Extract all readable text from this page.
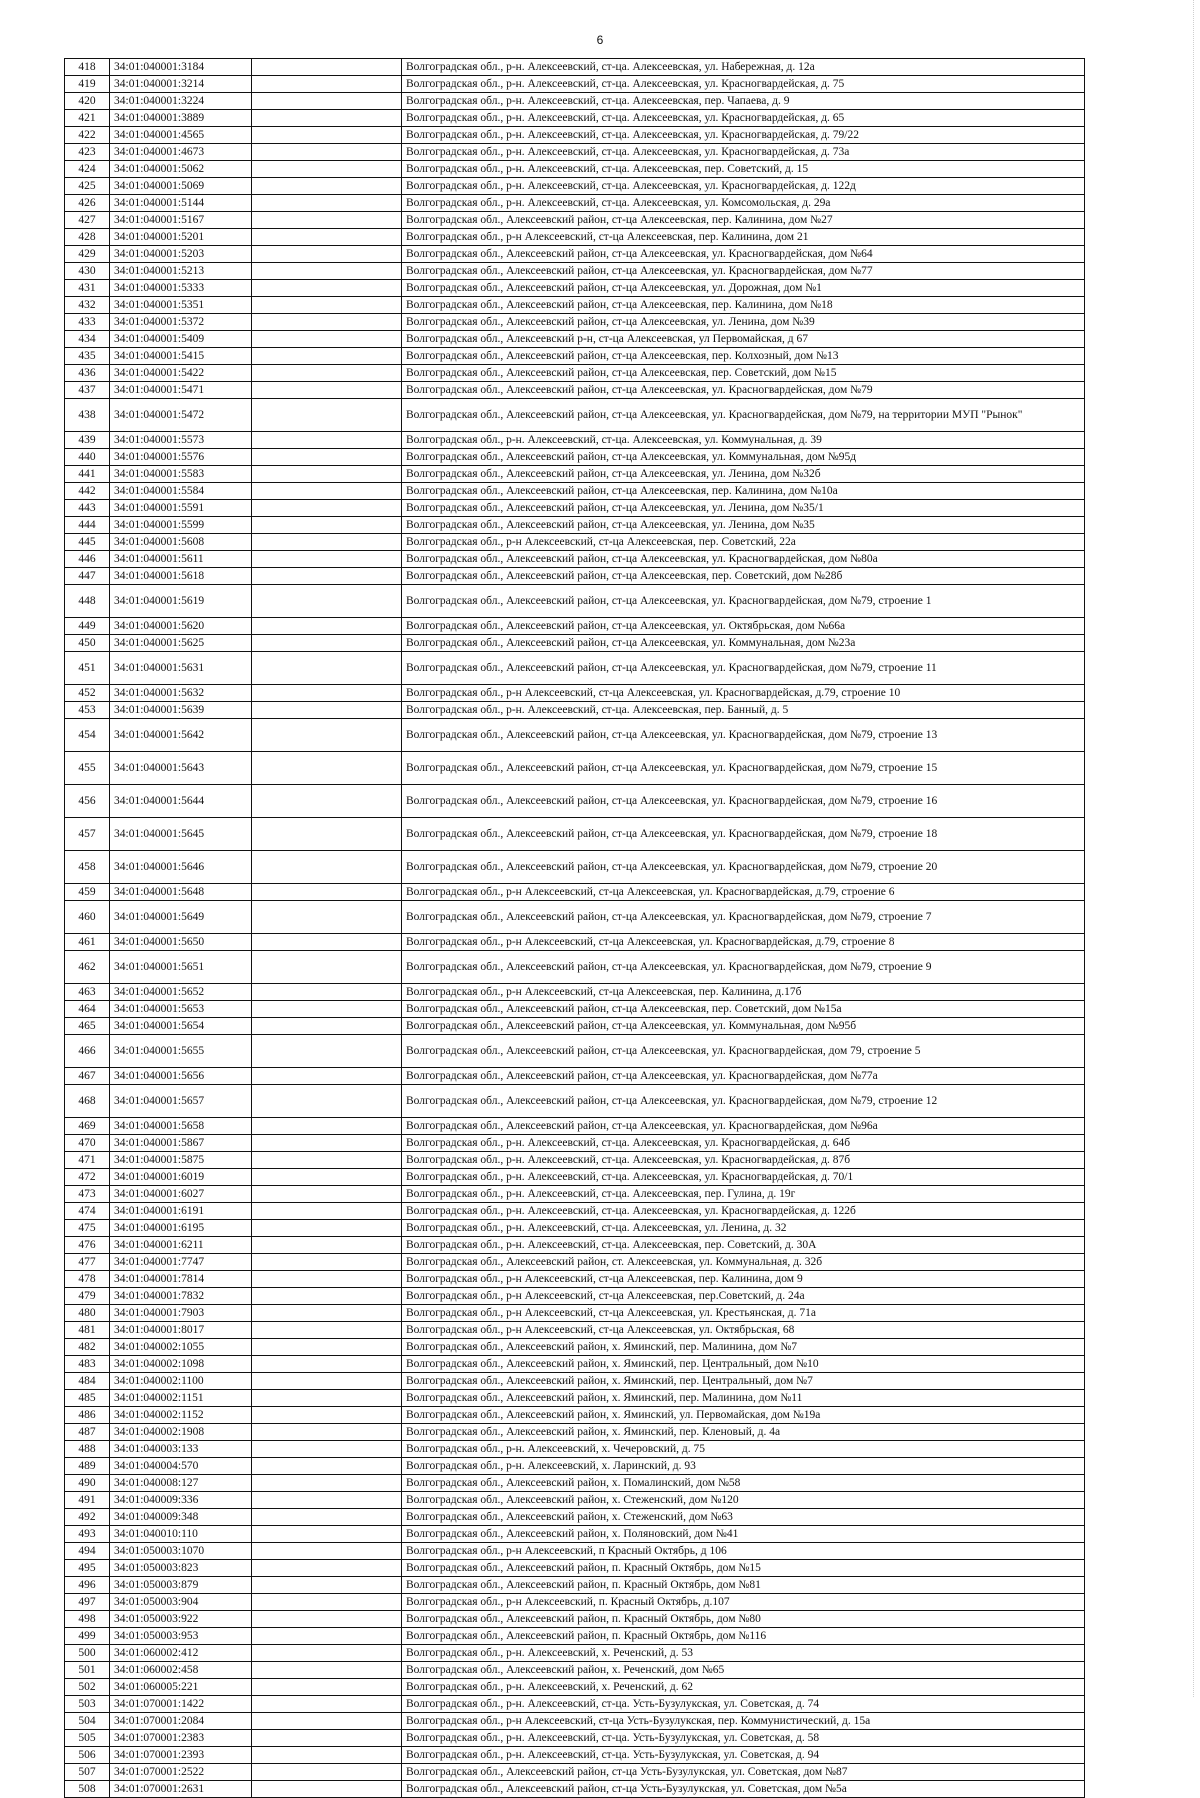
6
418	34:01:040001:3184		Волгоградская обл., р-н. Алексеевский, ст-ца. Алексеевская, ул. Набережная, д. 12а
419	34:01:040001:3214		Волгоградская обл., р-н. Алексеевский, ст-ца. Алексеевская, ул. Красногвардейская, д. 75
420	34:01:040001:3224		Волгоградская обл., р-н. Алексеевский, ст-ца. Алексеевская, пер. Чапаева, д. 9
421	34:01:040001:3889		Волгоградская обл., р-н. Алексеевский, ст-ца. Алексеевская, ул. Красногвардейская, д. 65
422	34:01:040001:4565		Волгоградская обл., р-н. Алексеевский, ст-ца. Алексеевская, ул. Красногвардейская, д. 79/22
423	34:01:040001:4673		Волгоградская обл., р-н. Алексеевский, ст-ца. Алексеевская, ул. Красногвардейская, д. 73а
424	34:01:040001:5062		Волгоградская обл., р-н. Алексеевский, ст-ца. Алексеевская, пер. Советский, д. 15
425	34:01:040001:5069		Волгоградская обл., р-н. Алексеевский, ст-ца. Алексеевская, ул. Красногвардейская, д. 122д
426	34:01:040001:5144		Волгоградская обл., р-н. Алексеевский, ст-ца. Алексеевская, ул. Комсомольская, д. 29а
427	34:01:040001:5167		Волгоградская обл., Алексеевский район, ст-ца Алексеевская, пер. Калинина, дом №27
428	34:01:040001:5201		Волгоградская обл., р-н Алексеевский, ст-ца Алексеевская, пер. Калинина, дом 21
429	34:01:040001:5203		Волгоградская обл., Алексеевский район, ст-ца Алексеевская, ул. Красногвардейская, дом №64
430	34:01:040001:5213		Волгоградская обл., Алексеевский район, ст-ца Алексеевская, ул. Красногвардейская, дом №77
431	34:01:040001:5333		Волгоградская обл., Алексеевский район, ст-ца Алексеевская, ул. Дорожная, дом №1
432	34:01:040001:5351		Волгоградская обл., Алексеевский район, ст-ца Алексеевская, пер. Калинина, дом №18
433	34:01:040001:5372		Волгоградская обл., Алексеевский район, ст-ца Алексеевская, ул. Ленина, дом №39
434	34:01:040001:5409		Волгоградская обл., Алексеевский р-н, ст-ца Алексеевская, ул Первомайская, д 67
435	34:01:040001:5415		Волгоградская обл., Алексеевский район, ст-ца Алексеевская, пер. Колхозный, дом №13
436	34:01:040001:5422		Волгоградская обл., Алексеевский район, ст-ца Алексеевская, пер. Советский, дом №15
437	34:01:040001:5471		Волгоградская обл., Алексеевский район, ст-ца Алексеевская, ул. Красногвардейская, дом №79
438	34:01:040001:5472		Волгоградская обл., Алексеевский район, ст-ца Алексеевская, ул. Красногвардейская, дом №79, на территории МУП "Рынок"
439	34:01:040001:5573		Волгоградская обл., р-н. Алексеевский, ст-ца. Алексеевская, ул. Коммунальная, д. 39
440	34:01:040001:5576		Волгоградская обл., Алексеевский район, ст-ца Алексеевская, ул. Коммунальная, дом №95д
441	34:01:040001:5583		Волгоградская обл., Алексеевский район, ст-ца Алексеевская, ул. Ленина, дом №32б
442	34:01:040001:5584		Волгоградская обл., Алексеевский район, ст-ца Алексеевская, пер. Калинина, дом №10а
443	34:01:040001:5591		Волгоградская обл., Алексеевский район, ст-ца Алексеевская, ул. Ленина, дом №35/1
444	34:01:040001:5599		Волгоградская обл., Алексеевский район, ст-ца Алексеевская, ул. Ленина, дом №35
445	34:01:040001:5608		Волгоградская обл., р-н Алексеевский, ст-ца Алексеевская, пер. Советский, 22а
446	34:01:040001:5611		Волгоградская обл., Алексеевский район, ст-ца Алексеевская, ул. Красногвардейская, дом №80а
447	34:01:040001:5618		Волгоградская обл., Алексеевский район, ст-ца Алексеевская, пер. Советский, дом №28б
448	34:01:040001:5619		Волгоградская обл., Алексеевский район, ст-ца Алексеевская, ул. Красногвардейская, дом №79, строение 1
449	34:01:040001:5620		Волгоградская обл., Алексеевский район, ст-ца Алексеевская, ул. Октябрьская, дом №66а
450	34:01:040001:5625		Волгоградская обл., Алексеевский район, ст-ца Алексеевская, ул. Коммунальная, дом №23а
451	34:01:040001:5631		Волгоградская обл., Алексеевский район, ст-ца Алексеевская, ул. Красногвардейская, дом №79, строение 11
452	34:01:040001:5632		Волгоградская обл., р-н Алексеевский, ст-ца Алексеевская, ул. Красногвардейская, д.79, строение 10
453	34:01:040001:5639		Волгоградская обл., р-н. Алексеевский, ст-ца. Алексеевская, пер. Банный, д. 5
454	34:01:040001:5642		Волгоградская обл., Алексеевский район, ст-ца Алексеевская, ул. Красногвардейская, дом №79, строение 13
455	34:01:040001:5643		Волгоградская обл., Алексеевский район, ст-ца Алексеевская, ул. Красногвардейская, дом №79, строение 15
456	34:01:040001:5644		Волгоградская обл., Алексеевский район, ст-ца Алексеевская, ул. Красногвардейская, дом №79, строение 16
457	34:01:040001:5645		Волгоградская обл., Алексеевский район, ст-ца Алексеевская, ул. Красногвардейская, дом №79, строение 18
458	34:01:040001:5646		Волгоградская обл., Алексеевский район, ст-ца Алексеевская, ул. Красногвардейская, дом №79, строение 20
459	34:01:040001:5648		Волгоградская обл., р-н Алексеевский, ст-ца Алексеевская, ул. Красногвардейская, д.79, строение 6
460	34:01:040001:5649		Волгоградская обл., Алексеевский район, ст-ца Алексеевская, ул. Красногвардейская, дом №79, строение 7
461	34:01:040001:5650		Волгоградская обл., р-н Алексеевский, ст-ца Алексеевская, ул. Красногвардейская, д.79, строение 8
462	34:01:040001:5651		Волгоградская обл., Алексеевский район, ст-ца Алексеевская, ул. Красногвардейская, дом №79, строение 9
463	34:01:040001:5652		Волгоградская обл., р-н Алексеевский, ст-ца Алексеевская, пер. Калинина, д.17б
464	34:01:040001:5653		Волгоградская обл., Алексеевский район, ст-ца Алексеевская, пер. Советский, дом №15а
465	34:01:040001:5654		Волгоградская обл., Алексеевский район, ст-ца Алексеевская, ул. Коммунальная, дом №95б
466	34:01:040001:5655		Волгоградская обл., Алексеевский район, ст-ца Алексеевская, ул. Красногвардейская, дом 79, строение 5
467	34:01:040001:5656		Волгоградская обл., Алексеевский район, ст-ца Алексеевская, ул. Красногвардейская, дом №77а
468	34:01:040001:5657		Волгоградская обл., Алексеевский район, ст-ца Алексеевская, ул. Красногвардейская, дом №79, строение 12
469	34:01:040001:5658		Волгоградская обл., Алексеевский район, ст-ца Алексеевская, ул. Красногвардейская, дом №96а
470	34:01:040001:5867		Волгоградская обл., р-н. Алексеевский, ст-ца. Алексеевская, ул. Красногвардейская, д. 64б
471	34:01:040001:5875		Волгоградская обл., р-н. Алексеевский, ст-ца. Алексеевская, ул. Красногвардейская, д. 87б
472	34:01:040001:6019		Волгоградская обл., р-н. Алексеевский, ст-ца. Алексеевская, ул. Красногвардейская, д. 70/1
473	34:01:040001:6027		Волгоградская обл., р-н. Алексеевский, ст-ца. Алексеевская, пер. Гулина, д. 19г
474	34:01:040001:6191		Волгоградская обл., р-н. Алексеевский, ст-ца. Алексеевская, ул. Красногвардейская, д. 122б
475	34:01:040001:6195		Волгоградская обл., р-н. Алексеевский, ст-ца. Алексеевская, ул. Ленина, д. 32
476	34:01:040001:6211		Волгоградская обл., р-н. Алексеевский, ст-ца. Алексеевская, пер. Советский, д. 30А
477	34:01:040001:7747		Волгоградская обл., Алексеевский район, ст. Алексеевская, ул. Коммунальная, д. 32б
478	34:01:040001:7814		Волгоградская обл., р-н Алексеевский, ст-ца Алексеевская, пер. Калинина, дом 9
479	34:01:040001:7832		Волгоградская обл., р-н Алексеевский, ст-ца Алексеевская, пер.Советский, д. 24а
480	34:01:040001:7903		Волгоградская обл., р-н Алексеевский, ст-ца Алексеевская, ул. Крестьянская, д. 71а
481	34:01:040001:8017		Волгоградская обл., р-н Алексеевский, ст-ца Алексеевская, ул. Октябрьская, 68
482	34:01:040002:1055		Волгоградская обл., Алексеевский район, х. Яминский, пер. Малинина, дом №7
483	34:01:040002:1098		Волгоградская обл., Алексеевский район, х. Яминский, пер. Центральный, дом №10
484	34:01:040002:1100		Волгоградская обл., Алексеевский район, х. Яминский, пер. Центральный, дом №7
485	34:01:040002:1151		Волгоградская обл., Алексеевский район, х. Яминский, пер. Малинина, дом №11
486	34:01:040002:1152		Волгоградская обл., Алексеевский район, х. Яминский, ул. Первомайская, дом №19а
487	34:01:040002:1908		Волгоградская обл., Алексеевский район, х. Яминский, пер. Кленовый, д. 4а
488	34:01:040003:133		Волгоградская обл., р-н. Алексеевский, х. Чечеровский, д. 75
489	34:01:040004:570		Волгоградская обл., р-н. Алексеевский, х. Ларинский, д. 93
490	34:01:040008:127		Волгоградская обл., Алексеевский район, х. Помалинский, дом №58
491	34:01:040009:336		Волгоградская обл., Алексеевский район, х. Стеженский, дом №120
492	34:01:040009:348		Волгоградская обл., Алексеевский район, х. Стеженский, дом №63
493	34:01:040010:110		Волгоградская обл., Алексеевский район, х. Поляновский, дом №41
494	34:01:050003:1070		Волгоградская обл., р-н Алексеевский, п Красный Октябрь, д 106
495	34:01:050003:823		Волгоградская обл., Алексеевский район, п. Красный Октябрь, дом №15
496	34:01:050003:879		Волгоградская обл., Алексеевский район, п. Красный Октябрь, дом №81
497	34:01:050003:904		Волгоградская обл., р-н Алексеевский, п. Красный Октябрь, д.107
498	34:01:050003:922		Волгоградская обл., Алексеевский район, п. Красный Октябрь, дом №80
499	34:01:050003:953		Волгоградская обл., Алексеевский район, п. Красный Октябрь, дом №116
500	34:01:060002:412		Волгоградская обл., р-н. Алексеевский, х. Реченский, д. 53
501	34:01:060002:458		Волгоградская обл., Алексеевский район, х. Реченский, дом №65
502	34:01:060005:221		Волгоградская обл., р-н. Алексеевский, х. Реченский, д. 62
503	34:01:070001:1422		Волгоградская обл., р-н. Алексеевский, ст-ца. Усть-Бузулукская, ул. Советская, д. 74
504	34:01:070001:2084		Волгоградская обл., р-н Алексеевский, ст-ца Усть-Бузулукская, пер. Коммунистический, д. 15а
505	34:01:070001:2383		Волгоградская обл., р-н. Алексеевский, ст-ца. Усть-Бузулукская, ул. Советская, д. 58
506	34:01:070001:2393		Волгоградская обл., р-н. Алексеевский, ст-ца. Усть-Бузулукская, ул. Советская, д. 94
507	34:01:070001:2522		Волгоградская обл., Алексеевский район, ст-ца Усть-Бузулукская, ул. Советская, дом №87
508	34:01:070001:2631		Волгоградская обл., Алексеевский район, ст-ца Усть-Бузулукская, ул. Советская, дом №5а
